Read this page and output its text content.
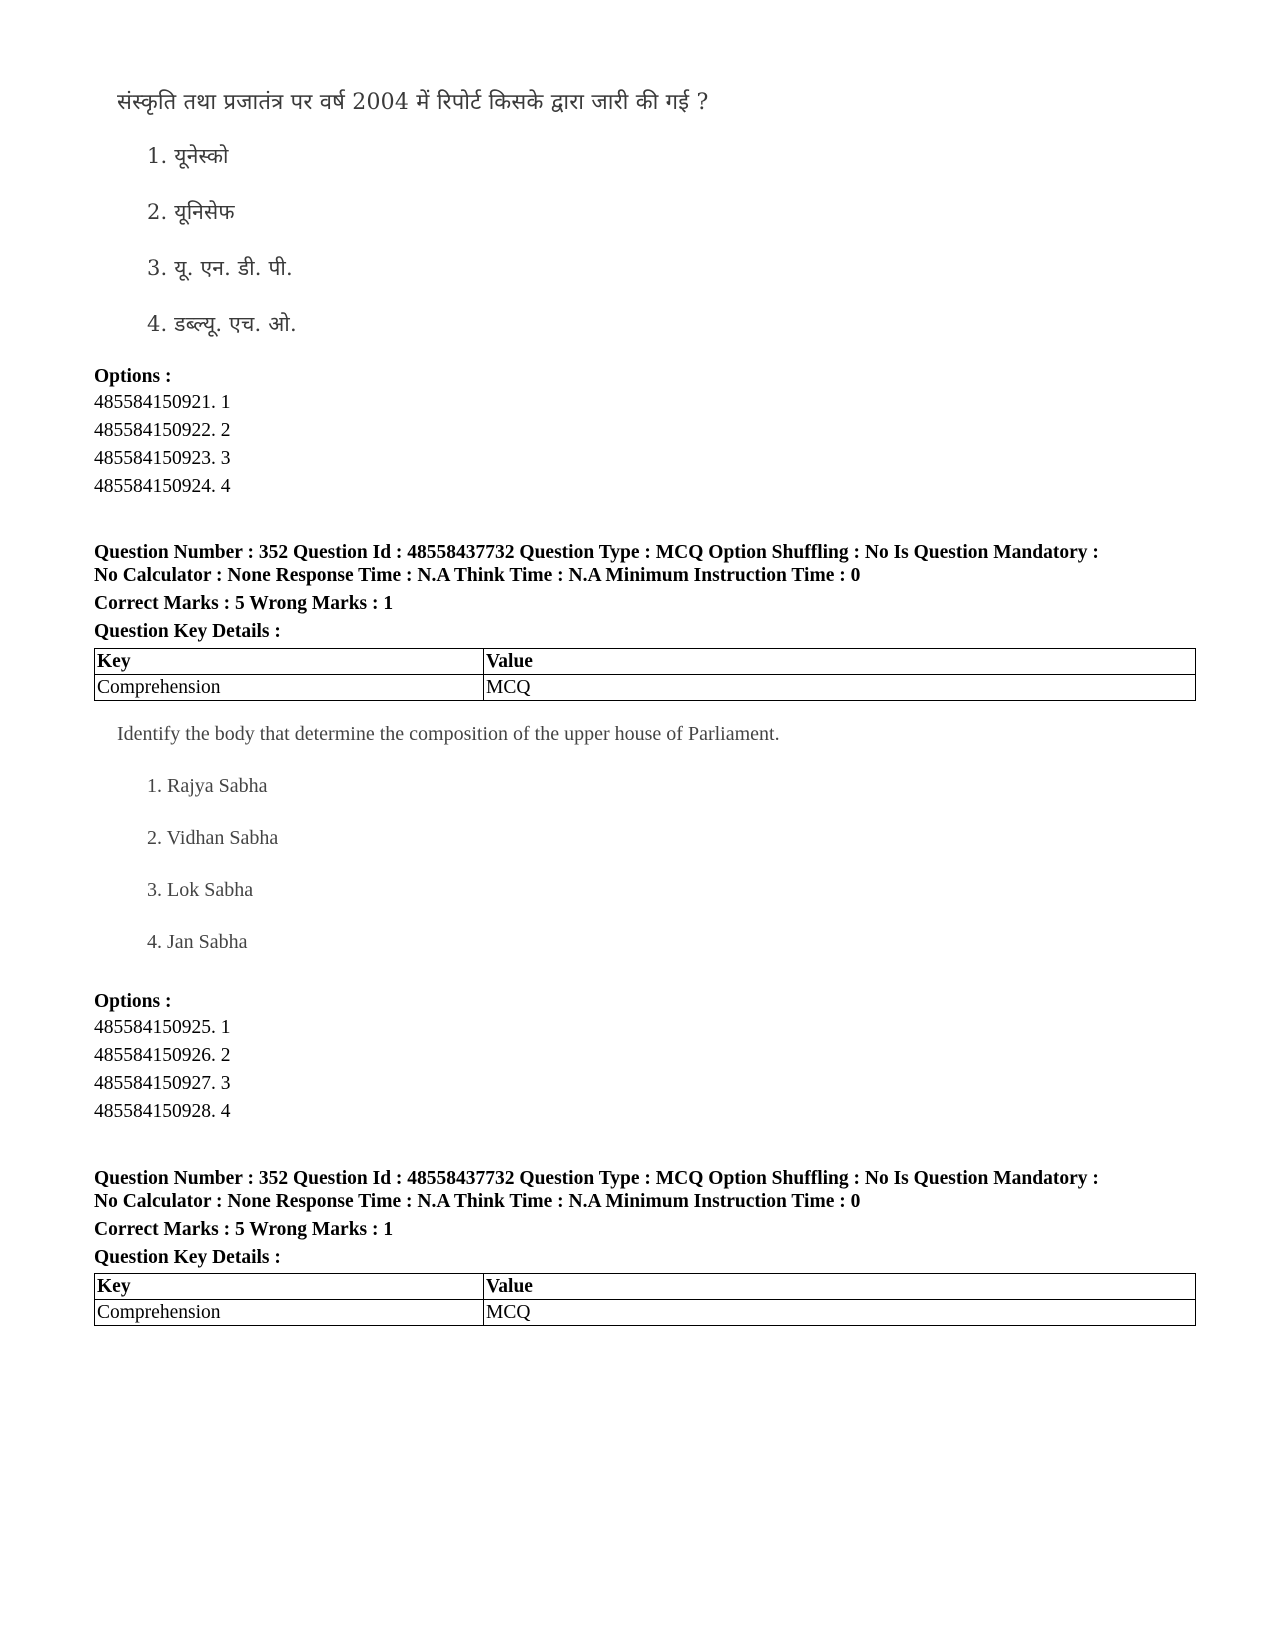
संस्कृति तथा प्रजातंत्र पर वर्ष 2004 में रिपोर्ट किसके द्वारा जारी की गई ?
1. यूनेस्को
2. यूनिसेफ
3. यू. एन. डी. पी.
4. डब्ल्यू. एच. ओ.
Options :
485584150921. 1
485584150922. 2
485584150923. 3
485584150924. 4
Question Number : 352 Question Id : 48558437732 Question Type : MCQ Option Shuffling : No Is Question Mandatory :
No Calculator : None Response Time : N.A Think Time : N.A Minimum Instruction Time : 0
Correct Marks : 5 Wrong Marks : 1
Question Key Details :
Key	Value
Comprehension	MCQ
Identify the body that determine the composition of the upper house of Parliament.
1. Rajya Sabha
2. Vidhan Sabha
3. Lok Sabha
4. Jan Sabha
Options :
485584150925. 1
485584150926. 2
485584150927. 3
485584150928. 4
Question Number : 352 Question Id : 48558437732 Question Type : MCQ Option Shuffling : No Is Question Mandatory :
No Calculator : None Response Time : N.A Think Time : N.A Minimum Instruction Time : 0
Correct Marks : 5 Wrong Marks : 1
Question Key Details :
Key	Value
Comprehension	MCQ
